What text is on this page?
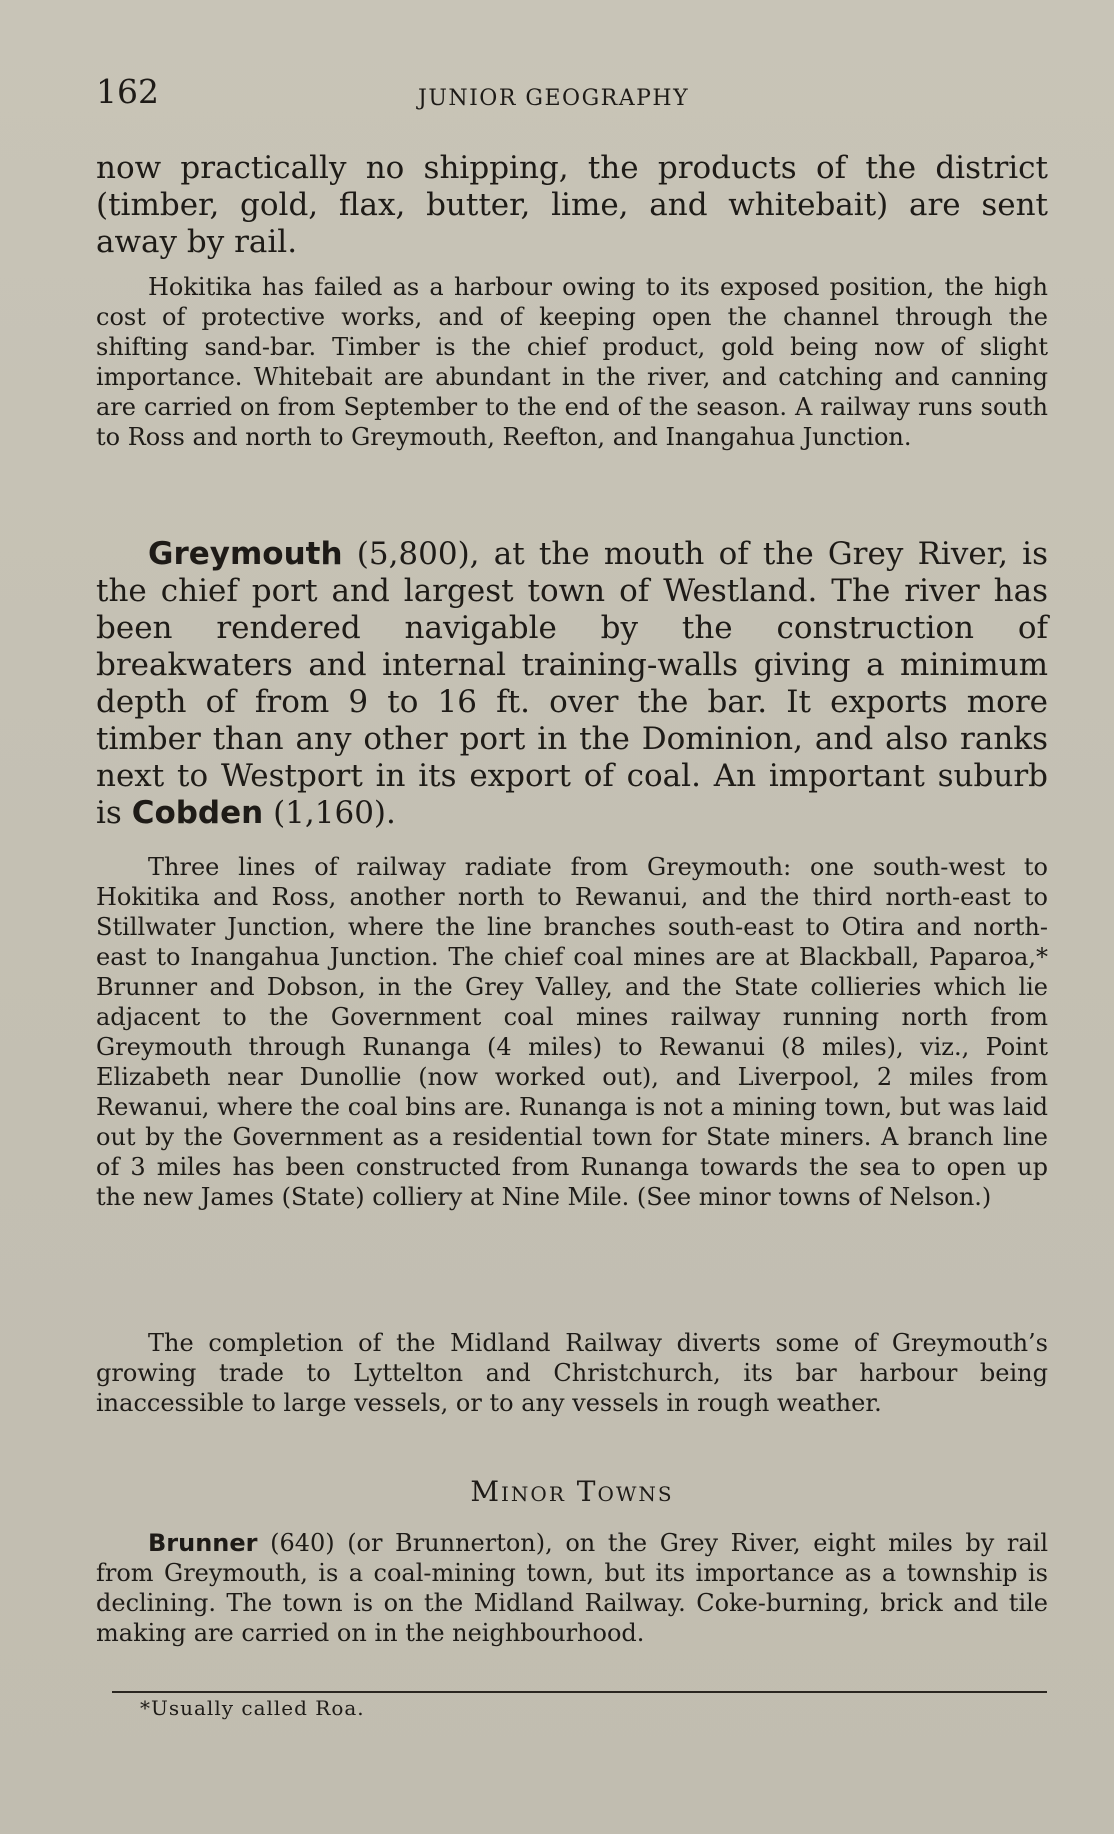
162	JUNIOR GEOGRAPHY

now practically no shipping, the products of the district (timber, gold, flax, butter, lime, and whitebait) are sent away by rail.

Hokitika has failed as a harbour owing to its exposed position, the high cost of protective works, and of keeping open the channel through the shifting sand-bar. Timber is the chief product, gold being now of slight importance. Whitebait are abundant in the river, and catching and canning are carried on from September to the end of the season. A railway runs south to Ross and north to Greymouth, Reefton, and Inangahua Junction.

Greymouth (5,800), at the mouth of the Grey River, is the chief port and largest town of Westland. The river has been rendered navigable by the construction of breakwaters and internal training-walls giving a minimum depth of from 9 to 16 ft. over the bar. It exports more timber than any other port in the Dominion, and also ranks next to Westport in its export of coal. An important suburb is Cobden (1,160).

Three lines of railway radiate from Greymouth: one south-west to Hokitika and Ross, another north to Rewanui, and the third north-east to Stillwater Junction, where the line branches south-east to Otira and north-east to Inangahua Junction. The chief coal mines are at Blackball, Paparoa,* Brunner and Dobson, in the Grey Valley, and the State collieries which lie adjacent to the Government coal mines railway running north from Greymouth through Runanga (4 miles) to Rewanui (8 miles), viz., Point Elizabeth near Dunollie (now worked out), and Liverpool, 2 miles from Rewanui, where the coal bins are. Runanga is not a mining town, but was laid out by the Government as a residential town for State miners. A branch line of 3 miles has been constructed from Runanga towards the sea to open up the new James (State) colliery at Nine Mile. (See minor towns of Nelson.)

The completion of the Midland Railway diverts some of Greymouth’s growing trade to Lyttelton and Christchurch, its bar harbour being inaccessible to large vessels, or to any vessels in rough weather.

Minor Towns

Brunner (640) (or Brunnerton), on the Grey River, eight miles by rail from Greymouth, is a coal-mining town, but its importance as a township is declining. The town is on the Midland Railway. Coke-burning, brick and tile making are carried on in the neighbourhood.

*Usually called Roa.
